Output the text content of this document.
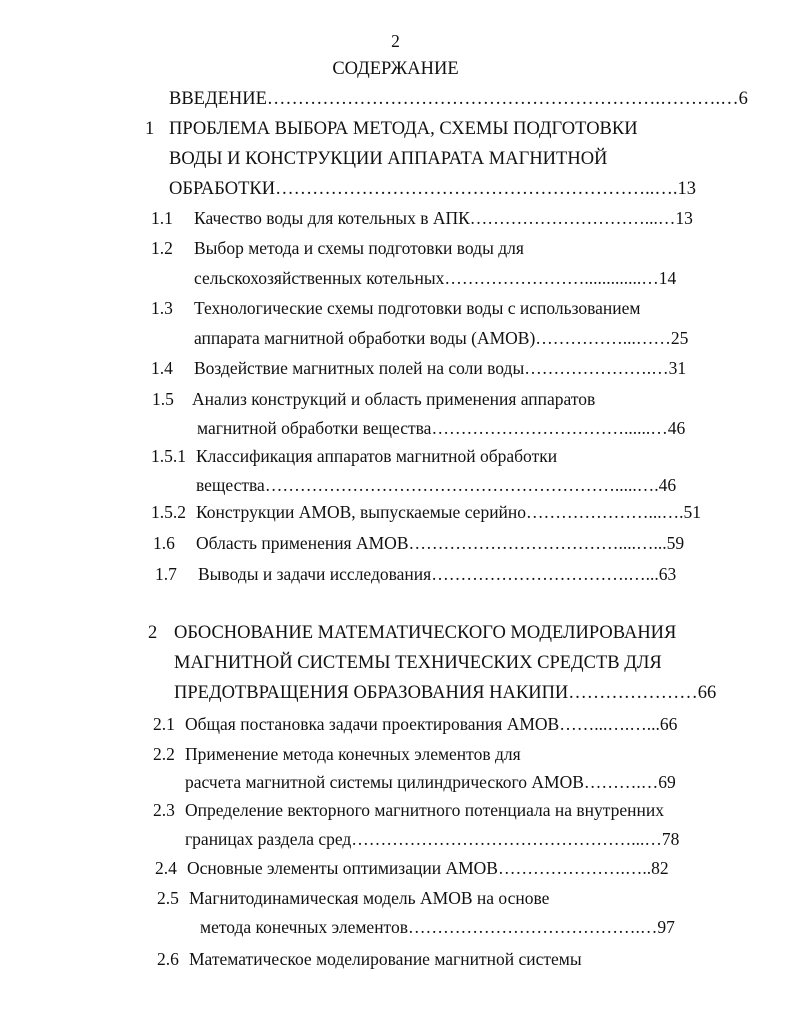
2
СОДЕРЖАНИЕ
ВВЕДЕНИЕ……………………………………………………….……….…6
1 ПРОБЛЕМА ВЫБОРА МЕТОДА, СХЕМЫ ПОДГОТОВКИ
ВОДЫ И КОНСТРУКЦИИ АППАРАТА МАГНИТНОЙ
ОБРАБОТКИ……………………………………………………..….13
1.1 Качество воды для котельных в АПК…………………………...…13
1.2 Выбор метода и схемы подготовки воды для
сельскохозяйственных котельных…………………….............…14
1.3 Технологические схемы подготовки воды с использованием
аппарата магнитной обработки воды (АМОВ)……………...……25
1.4 Воздействие магнитных полей на соли воды………………….…31
1.5 Анализ конструкций и область применения аппаратов
магнитной обработки вещества……………………………......…46
1.5.1 Классификация аппаратов магнитной обработки
вещества…………………………………………………….....….46
1.5.2 Конструкции АМОВ, выпускаемые серийно…………………...….51
1.6 Область применения АМОВ………………………………....…...59
1.7 Выводы и задачи исследования…………………………….…...63
2 ОБОСНОВАНИЕ МАТЕМАТИЧЕСКОГО МОДЕЛИРОВАНИЯ
МАГНИТНОЙ СИСТЕМЫ ТЕХНИЧЕСКИХ СРЕДСТВ ДЛЯ
ПРЕДОТВРАЩЕНИЯ ОБРАЗОВАНИЯ НАКИПИ…………………66
2.1 Общая постановка задачи проектирования АМОВ……...….…...66
2.2 Применение метода конечных элементов для
расчета магнитной системы цилиндрического АМОВ……….…69
2.3 Определение векторного магнитного потенциала на внутренних
границах раздела сред…………………………………………...…78
2.4 Основные элементы оптимизации АМОВ………………….…..82
2.5 Магнитодинамическая модель АМОВ на основе
метода конечных элементов………………………………….…97
2.6 Математическое моделирование магнитной системы
